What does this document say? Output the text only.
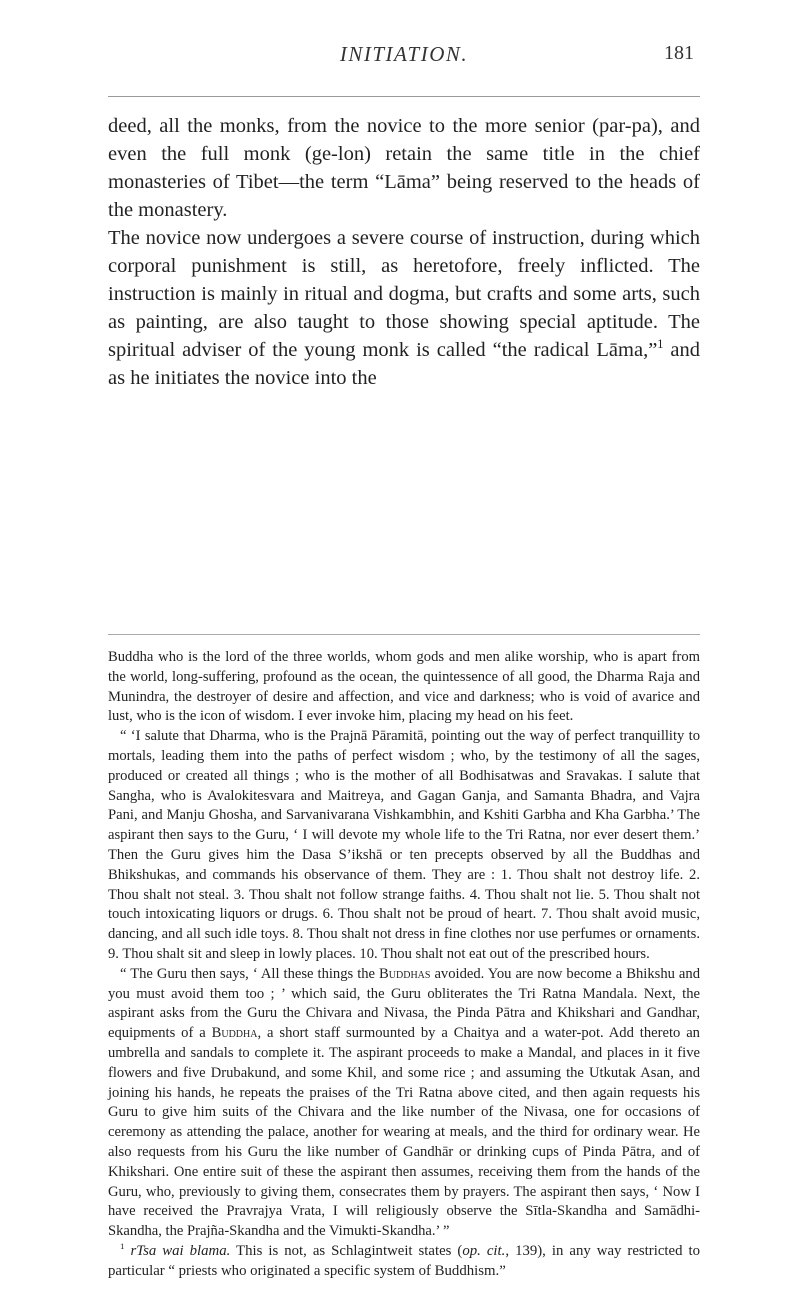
INITIATION.	181

deed, all the monks, from the novice to the more senior (par-pa), and even the full monk (ge-lon) retain the same title in the chief monasteries of Tibet—the term “Lāma” being reserved to the heads of the monastery.

The novice now undergoes a severe course of instruction, during which corporal punishment is still, as heretofore, freely inflicted. The instruction is mainly in ritual and dogma, but crafts and some arts, such as painting, are also taught to those showing special aptitude. The spiritual adviser of the young monk is called “the radical Lāma,”$^1$ and as he initiates the novice into the

Buddha who is the lord of the three worlds, whom gods and men alike worship, who is apart from the world, long-suffering, profound as the ocean, the quintessence of all good, the Dharma Raja and Munindra, the destroyer of desire and affection, and vice and darkness; who is void of avarice and lust, who is the icon of wisdom. I ever invoke him, placing my head on his feet.

“ ‘I salute that Dharma, who is the Prajnā Pāramitā, pointing out the way of perfect tranquillity to mortals, leading them into the paths of perfect wisdom ; who, by the testimony of all the sages, produced or created all things ; who is the mother of all Bodhisatwas and Sravakas. I salute that Sangha, who is Avalokitesvara and Maitreya, and Gagan Ganja, and Samanta Bhadra, and Vajra Pani, and Manju Ghosha, and Sarvanivarana Vishkambhin, and Kshiti Garbha and Kha Garbha.’ The aspirant then says to the Guru, ‘ I will devote my whole life to the Tri Ratna, nor ever desert them.’ Then the Guru gives him the Dasa S’ikshā or ten precepts observed by all the Buddhas and Bhikshukas, and commands his observance of them. They are : 1. Thou shalt not destroy life. 2. Thou shalt not steal. 3. Thou shalt not follow strange faiths. 4. Thou shalt not lie. 5. Thou shalt not touch intoxicating liquors or drugs. 6. Thou shalt not be proud of heart. 7. Thou shalt avoid music, dancing, and all such idle toys. 8. Thou shalt not dress in fine clothes nor use perfumes or ornaments. 9. Thou shalt sit and sleep in lowly places. 10. Thou shalt not eat out of the prescribed hours.

“ The Guru then says, ‘ All these things the Buddhas avoided. You are now become a Bhikshu and you must avoid them too ; ’ which said, the Guru obliterates the Tri Ratna Mandala. Next, the aspirant asks from the Guru the Chivara and Nivasa, the Pinda Pātra and Khikshari and Gandhar, equipments of a Buddha, a short staff surmounted by a Chaitya and a water-pot. Add thereto an umbrella and sandals to complete it. The aspirant proceeds to make a Mandal, and places in it five flowers and five Drubakund, and some Khil, and some rice ; and assuming the Utkutak Asan, and joining his hands, he repeats the praises of the Tri Ratna above cited, and then again requests his Guru to give him suits of the Chivara and the like number of the Nivasa, one for occasions of ceremony as attending the palace, another for wearing at meals, and the third for ordinary wear. He also requests from his Guru the like number of Gandhār or drinking cups of Pinda Pātra, and of Khikshari. One entire suit of these the aspirant then assumes, receiving them from the hands of the Guru, who, previously to giving them, consecrates them by prayers. The aspirant then says, ‘ Now I have received the Pravrajya Vrata, I will religiously observe the Sītla-Skandha and Samādhi-Skandha, the Prajña-Skandha and the Vimukti-Skandha.’ ”

$^1$ rTsa wai blama. This is not, as Schlagintweit states (op. cit., 139), in any way restricted to particular “ priests who originated a specific system of Buddhism.”
